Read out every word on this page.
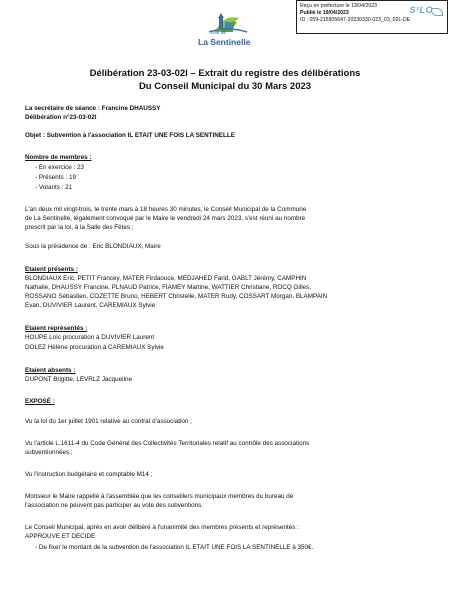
Reçu en préfecture le 13/04/2023
Publié le 19/04/2023
ID : 059-215905647-20230330-023_03_02L-DE
S²LO
Ville de
La Sentinelle
Délibération 23-03-02l – Extrait du registre des délibérations
Du Conseil Municipal du 30 Mars 2023
La secrétaire de séance : Francine DHAUSSY
Délibération n°23-03-02l
Objet : Subvention à l'association IL ETAIT UNE FOIS LA SENTINELLE
Nombre de membres :
- En exercice : 23
- Présents : 19
- Votants : 21
L'an deux mil vingt-trois, le trente mars à 18 heures 30 minutes, le Conseil Municipal de la Commune
de La Sentinelle, légalement convoqué par le Maire le vendredi 24 mars 2023, s'est réuni au nombre
prescrit par la loi, à la Salle des Fêtes ;
Sous la présidence de : Eric BLONDIAUX, Maire
Etaient présents :
BLONDIAUX Eric, PETIT Francey, MATER Firdaouce, MEDJAHED Farid, GABLT Jérémy, CAMPHIN
Nathalie, DHAUSSY Francine, PLNAUD Patrice, FIAMEY Martine, WATTIER Christiane, ROCQ Gilles,
ROSSANO Sébastien, COZETTE Bruno, HEBERT Christelle, MATER Rudy, COSSART Morgan, BLAMPAIN
Evan, DUVIVIER Laurent, CAREMIAUX Sylvie
Etaient représentés :
HOUPE Loïc procuration à DUVIVIER Laurent
DOLEZ Hélène procuration à CAREMIAUX Sylvie
Etaient absents :
DUPONT Brigitte, LEVRLZ Jacqueline
EXPOSÉ :
Vu la loi du 1er juillet 1901 relative au contrat d'association ;
Vu l'article L.1611-4 du Code Général des Collectivités Territoriales relatif au contrôle des associations
subventionnées ;
Vu l'instruction budgétaire et comptable M14 ;
Monsieur le Maire rappelle à l'assemblée que les conseillers municipaux membres du bureau de
l'association ne peuvent pas participer au vote des subventions.
Le Conseil Municipal, après en avoir délibéré à l'unanimité des membres présents et représentés :
APPROUVE ET DECIDE
- De fixer le montant de la subvention de l'association IL ETAIT UNE FOIS LA SENTINELLE à 350€.
